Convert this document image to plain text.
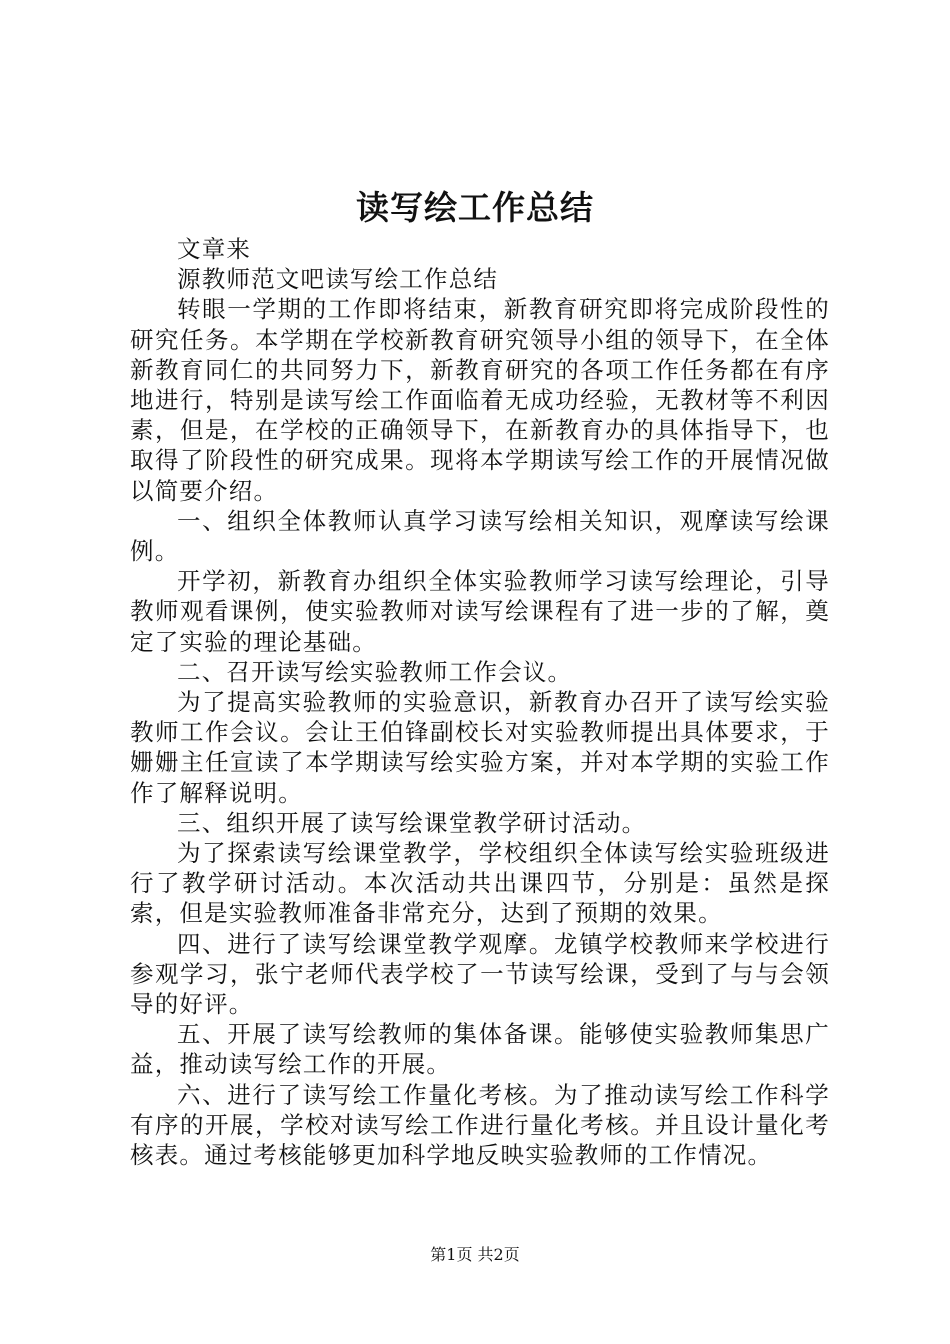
读写绘工作总结

文章来

源教师范文吧读写绘工作总结

转眼一学期的工作即将结束，新教育研究即将完成阶段性的研究任务。本学期在学校新教育研究领导小组的领导下，在全体新教育同仁的共同努力下，新教育研究的各项工作任务都在有序地进行，特别是读写绘工作面临着无成功经验，无教材等不利因素，但是，在学校的正确领导下，在新教育办的具体指导下，也取得了阶段性的研究成果。现将本学期读写绘工作的开展情况做以简要介绍。

一、组织全体教师认真学习读写绘相关知识，观摩读写绘课例。

开学初，新教育办组织全体实验教师学习读写绘理论，引导教师观看课例，使实验教师对读写绘课程有了进一步的了解，奠定了实验的理论基础。

二、召开读写绘实验教师工作会议。

为了提高实验教师的实验意识，新教育办召开了读写绘实验教师工作会议。会让王伯锋副校长对实验教师提出具体要求，于姗姗主任宣读了本学期读写绘实验方案，并对本学期的实验工作作了解释说明。

三、组织开展了读写绘课堂教学研讨活动。

为了探索读写绘课堂教学，学校组织全体读写绘实验班级进行了教学研讨活动。本次活动共出课四节，分别是：虽然是探索，但是实验教师准备非常充分，达到了预期的效果。

四、进行了读写绘课堂教学观摩。龙镇学校教师来学校进行参观学习，张宁老师代表学校了一节读写绘课，受到了与与会领导的好评。

五、开展了读写绘教师的集体备课。能够使实验教师集思广益，推动读写绘工作的开展。

六、进行了读写绘工作量化考核。为了推动读写绘工作科学有序的开展，学校对读写绘工作进行量化考核。并且设计量化考核表。通过考核能够更加科学地反映实验教师的工作情况。

第1页 共2页
